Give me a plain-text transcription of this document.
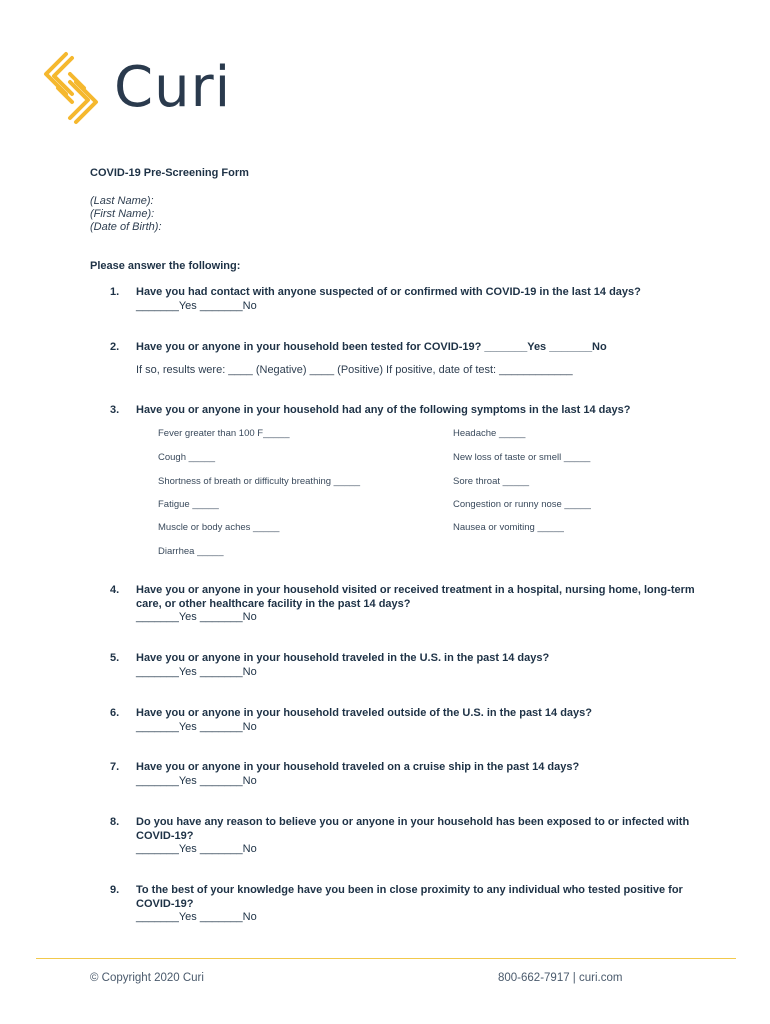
Curi
COVID-19 Pre-Screening Form
(Last Name):
(First Name):
(Date of Birth):
Please answer the following:
1. Have you had contact with anyone suspected of or confirmed with COVID-19 in the last 14 days?
_______Yes _______No
2. Have you or anyone in your household been tested for COVID-19? _______Yes _______No
If so, results were: ____ (Negative) ____ (Positive) If positive, date of test: ____________
3. Have you or anyone in your household had any of the following symptoms in the last 14 days?
Fever greater than 100 F_____
Cough _____
Shortness of breath or difficulty breathing _____
Fatigue _____
Muscle or body aches _____
Diarrhea _____
Headache _____
New loss of taste or smell _____
Sore throat _____
Congestion or runny nose _____
Nausea or vomiting _____
4. Have you or anyone in your household visited or received treatment in a hospital, nursing home, long-term care, or other healthcare facility in the past 14 days?
_______Yes _______No
5. Have you or anyone in your household traveled in the U.S. in the past 14 days?
_______Yes _______No
6. Have you or anyone in your household traveled outside of the U.S. in the past 14 days?
_______Yes _______No
7. Have you or anyone in your household traveled on a cruise ship in the past 14 days?
_______Yes _______No
8. Do you have any reason to believe you or anyone in your household has been exposed to or infected with COVID-19?
_______Yes _______No
9. To the best of your knowledge have you been in close proximity to any individual who tested positive for COVID-19?
_______Yes _______No
© Copyright 2020 Curi	800-662-7917 | curi.com
